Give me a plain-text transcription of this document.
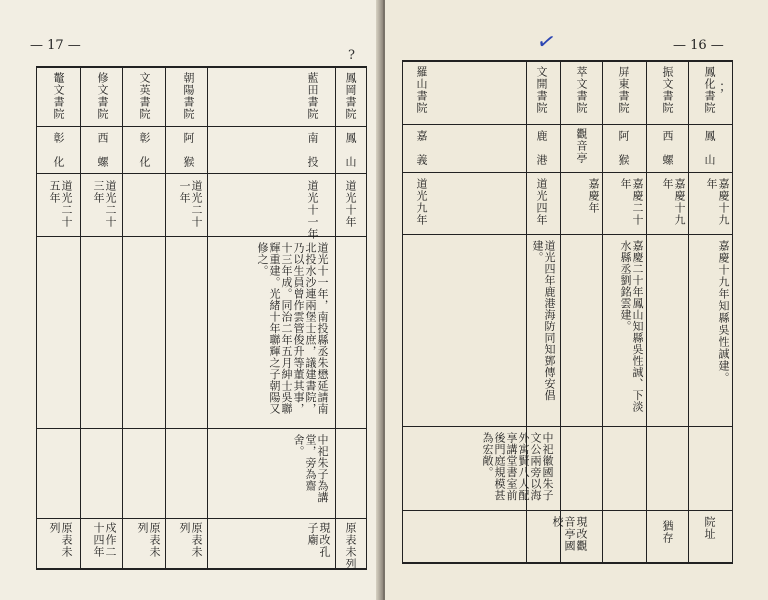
— 17 —
?
鳳岡書院
鳳　山
道光十年
原表未列
藍田書院
南　投
道光十一年
道光十一年，南投縣丞朱懋延請南北投水沙連兩堡士庶，議建書院，乃以生員曾作雲管俊升等董其事，十三年成。同治二年五月紳士吳聯輝重建。光緒十年聯輝之子朝陽又修之。
中祀朱子為講堂，旁為齋舍。
現改孔子廟
朝陽書院
阿　猴
道光二十一年
原表未列
文英書院
彰　化
原表未列
修文書院
西　螺
道光二十三年
戍作二十四年
鼇文書院
彰　化
道光二十五年
原表未列
— 16 —
✓
；
鳳化書院
鳳　山
嘉慶十九年
嘉慶十九年知縣吳性誠建。
院址
振文書院
西　螺
嘉慶十九年
猶存
屏東書院
阿　猴
嘉慶二十年
嘉慶二十年鳳山知縣吳性誠、下淡水縣丞劉銘雲建。
萃文書院
觀音亭
嘉慶年
現改觀
文開書院
鹿　港
道光四年
道光四年鹿港海防同知鄧傳安倡建。
中祀徽國朱子文公兩旁以海外寓賢八人配享講堂書室前後門庭規模甚為宏敞。
音亭國校
羅山書院
嘉　義
道光九年
